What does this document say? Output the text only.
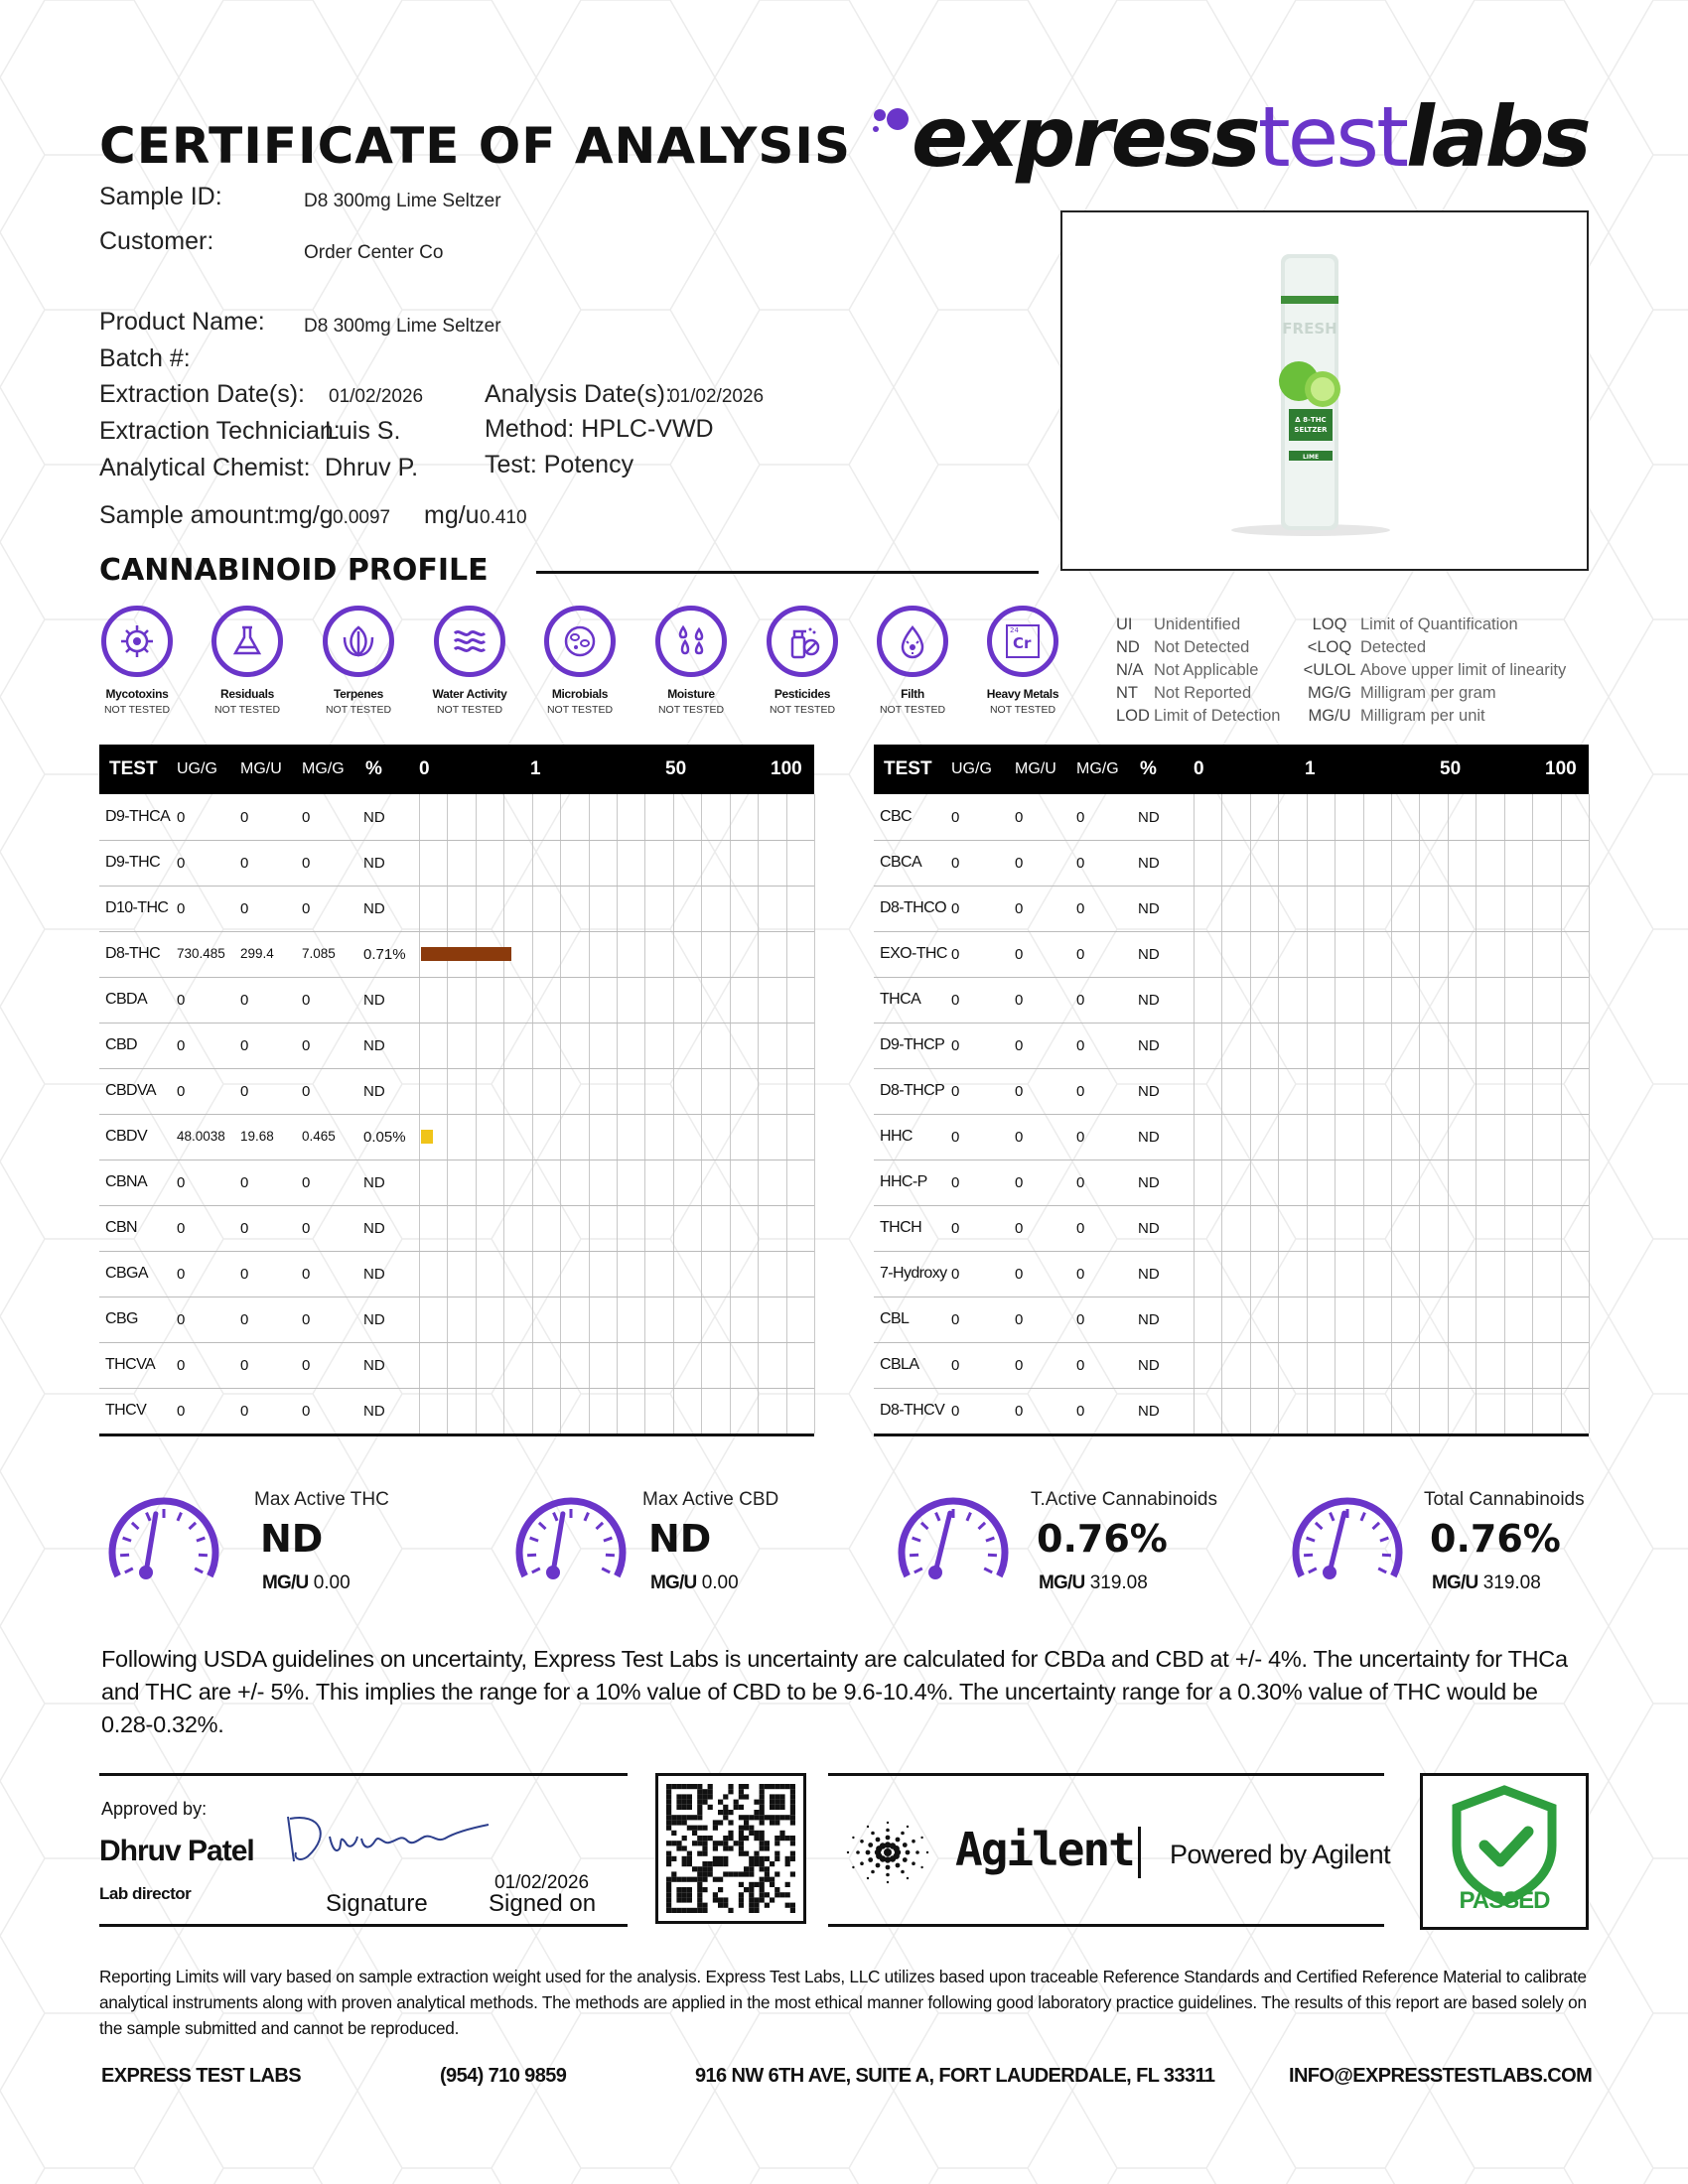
CERTIFICATE OF ANALYSIS expresstestlabs
Sample ID:	D8 300mg Lime Seltzer
Customer:	Order Center Co
Product Name: D8 300mg Lime Seltzer
Batch #:
Extraction Date(s): 01/02/2026 Analysis Date(s):
01/02/2026
Extraction Technician:
Luis S.	Method: HPLC-VWD
Analytical Chemist: Dhruv P.	Test: Potency
Sample amount:
mg/g 0.0097 mg/u 0.410
FRESH
Δ 8-THC
SELTZER
LIME
CANNABINOID PROFILE
Mycotoxins
NOT TESTED
Residuals
NOT TESTED
Terpenes
NOT TESTED
Water Activity
NOT TESTED
Microbials
NOT TESTED
Moisture
NOT TESTED
Pesticides
NOT TESTED
Filth
NOT TESTED
24
Cr
Heavy Metals
NOT TESTED
UI Unidentified
ND Not Detected
N/A Not Applicable
NT Not Reported
LOD Limit of Detection
LOQ Limit of Quantification
<LOQ Detected
<ULOL Above upper limit of linearity
MG/G Milligram per gram
MG/U Milligram per unit
TEST UG/G MG/U MG/G % 0	1	50	100
D9-THCA 0	0	0	ND
D9-THC 0	0	0	ND
D10-THC 0	0	0	ND
D8-THC 730.485 299.4 7.085 0.71%
CBDA 0	0	0	ND
CBD	0	0	0	ND
CBDVA 0	0	0	ND
CBDV 48.0038 19.68 0.465 0.05%
CBNA 0	0	0	ND
CBN	0	0	0	ND
CBGA 0	0	0	ND
CBG	0	0	0	ND
THCVA 0	0	0	ND
THCV 0	0	0	ND
TEST UG/G MG/U MG/G % 0	1	50	100
CBC	0	0	0	ND
CBCA 0	0	0	ND
D8-THCO 0	0	0	ND
EXO-THC 0	0	0	ND
THCA 0	0	0	ND
D9-THCP 0	0	0	ND
D8-THCP 0	0	0	ND
HHC	0	0	0	ND
HHC-P 0	0	0	ND
THCH 0	0	0	ND
7-Hydroxy 0	0	0	ND
CBL	0	0	0	ND
CBLA 0	0	0	ND
D8-THCV 0	0	0	ND
Max Active THC
ND
MG/U 0.00
Max Active CBD
ND
MG/U 0.00
T.Active Cannabinoids
0.76%
MG/U 319.08
Total Cannabinoids
0.76%
MG/U 319.08
Following USDA guidelines on uncertainty, Express Test Labs is uncertainty are calculated for CBDa and CBD at +/- 4%. The uncertainty for THCa and THC are +/- 5%. This implies the range for a 10% value of CBD to be 9.6-10.4%. The uncertainty range for a 0.30% value of THC would be 0.28-0.32%.
Approved by:
Dhruv Patel
Lab director	Signature
01/02/2026
Signed on
Agilent Powered by Agilent
PASSED
Reporting Limits will vary based on sample extraction weight used for the analysis. Express Test Labs, LLC utilizes based upon traceable Reference Standards and Certified Reference Material to calibrate analytical instruments along with proven analytical methods. The methods are applied in the most ethical manner following good laboratory practice guidelines. The results of this report are based solely on the sample submitted and cannot be reproduced.
EXPRESS TEST LABS	(954) 710 9859	916 NW 6TH AVE, SUITE A, FORT LAUDERDALE, FL 33311	INFO@EXPRESSTESTLABS.COM
